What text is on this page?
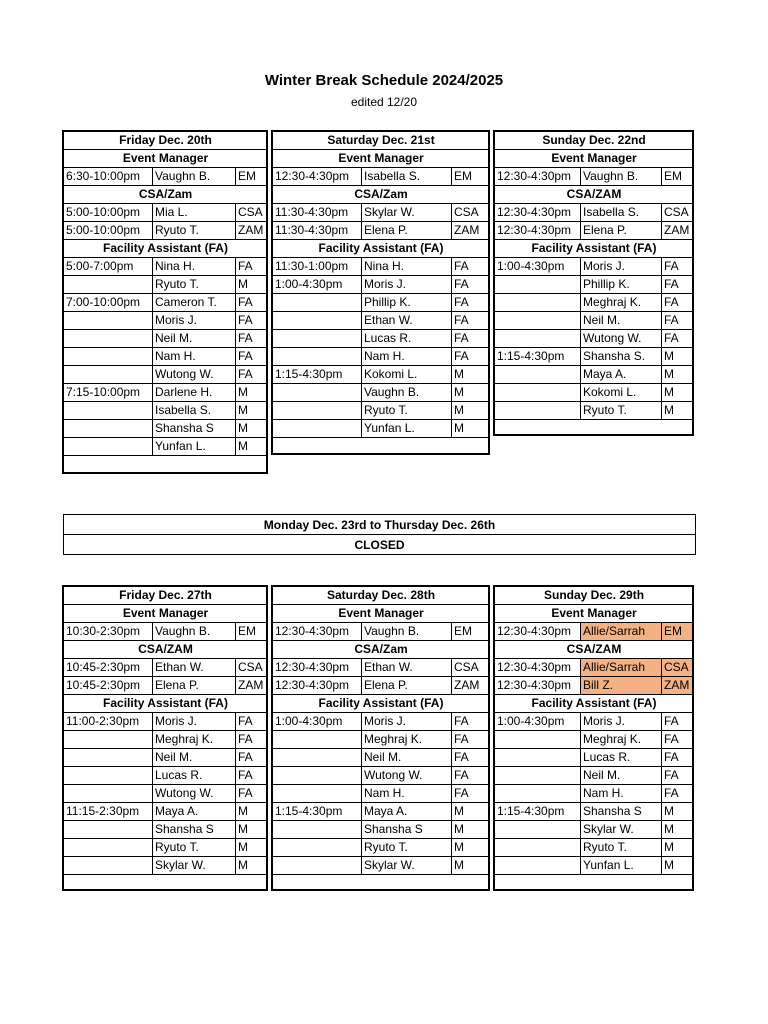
Winter Break Schedule 2024/2025
edited 12/20
Friday Dec. 20th		
Event Manager		
6:30-10:00pm	Vaughn B.	EM
CSA/Zam		
5:00-10:00pm	Mia L.	CSA
5:00-10:00pm	Ryuto T.	ZAM
Facility Assistant (FA)		
5:00-7:00pm	Nina H.	FA
	Ryuto T.	M
7:00-10:00pm	Cameron T.	FA
	Moris J.	FA
	Neil M.	FA
	Nam H.	FA
	Wutong W.	FA
7:15-10:00pm	Darlene H.	M
	Isabella S.	M
	Shansha S	M
	Yunfan L.	M
Saturday Dec. 21st		
Event Manager		
12:30-4:30pm	Isabella S.	EM
CSA/Zam		
11:30-4:30pm	Skylar W.	CSA
11:30-4:30pm	Elena P.	ZAM
Facility Assistant (FA)		
11:30-1:00pm	Nina H.	FA
1:00-4:30pm	Moris J.	FA
	Phillip K.	FA
	Ethan W.	FA
	Lucas R.	FA
	Nam H.	FA
1:15-4:30pm	Kokomi L.	M
	Vaughn B.	M
	Ryuto T.	M
	Yunfan L.	M
Sunday Dec. 22nd		
Event Manager		
12:30-4:30pm	Vaughn B.	EM
CSA/ZAM		
12:30-4:30pm	Isabella S.	CSA
12:30-4:30pm	Elena P.	ZAM
Facility Assistant (FA)		
1:00-4:30pm	Moris J.	FA
	Phillip K.	FA
	Meghraj K.	FA
	Neil M.	FA
	Wutong W.	FA
1:15-4:30pm	Shansha S.	M
	Maya A.	M
	Kokomi L.	M
	Ryuto T.	M
Monday Dec. 23rd to Thursday Dec. 26th
CLOSED
Friday Dec. 27th		
Event Manager		
10:30-2:30pm	Vaughn B.	EM
CSA/ZAM		
10:45-2:30pm	Ethan W.	CSA
10:45-2:30pm	Elena P.	ZAM
Facility Assistant (FA)		
11:00-2:30pm	Moris J.	FA
	Meghraj K.	FA
	Neil M.	FA
	Lucas R.	FA
	Wutong W.	FA
11:15-2:30pm	Maya A.	M
	Shansha S	M
	Ryuto T.	M
	Skylar W.	M
Saturday Dec. 28th		
Event Manager		
12:30-4:30pm	Vaughn B.	EM
CSA/Zam		
12:30-4:30pm	Ethan W.	CSA
12:30-4:30pm	Elena P.	ZAM
Facility Assistant (FA)		
1:00-4:30pm	Moris J.	FA
	Meghraj K.	FA
	Neil M.	FA
	Wutong W.	FA
	Nam H.	FA
1:15-4:30pm	Maya A.	M
	Shansha S	M
	Ryuto T.	M
	Skylar W.	M
Sunday Dec. 29th		
Event Manager		
12:30-4:30pm	Allie/Sarrah	EM
CSA/ZAM		
12:30-4:30pm	Allie/Sarrah	CSA
12:30-4:30pm	Bill Z.	ZAM
Facility Assistant (FA)		
1:00-4:30pm	Moris J.	FA
	Meghraj K.	FA
	Lucas R.	FA
	Neil M.	FA
	Nam H.	FA
1:15-4:30pm	Shansha S	M
	Skylar W.	M
	Ryuto T.	M
	Yunfan L.	M
